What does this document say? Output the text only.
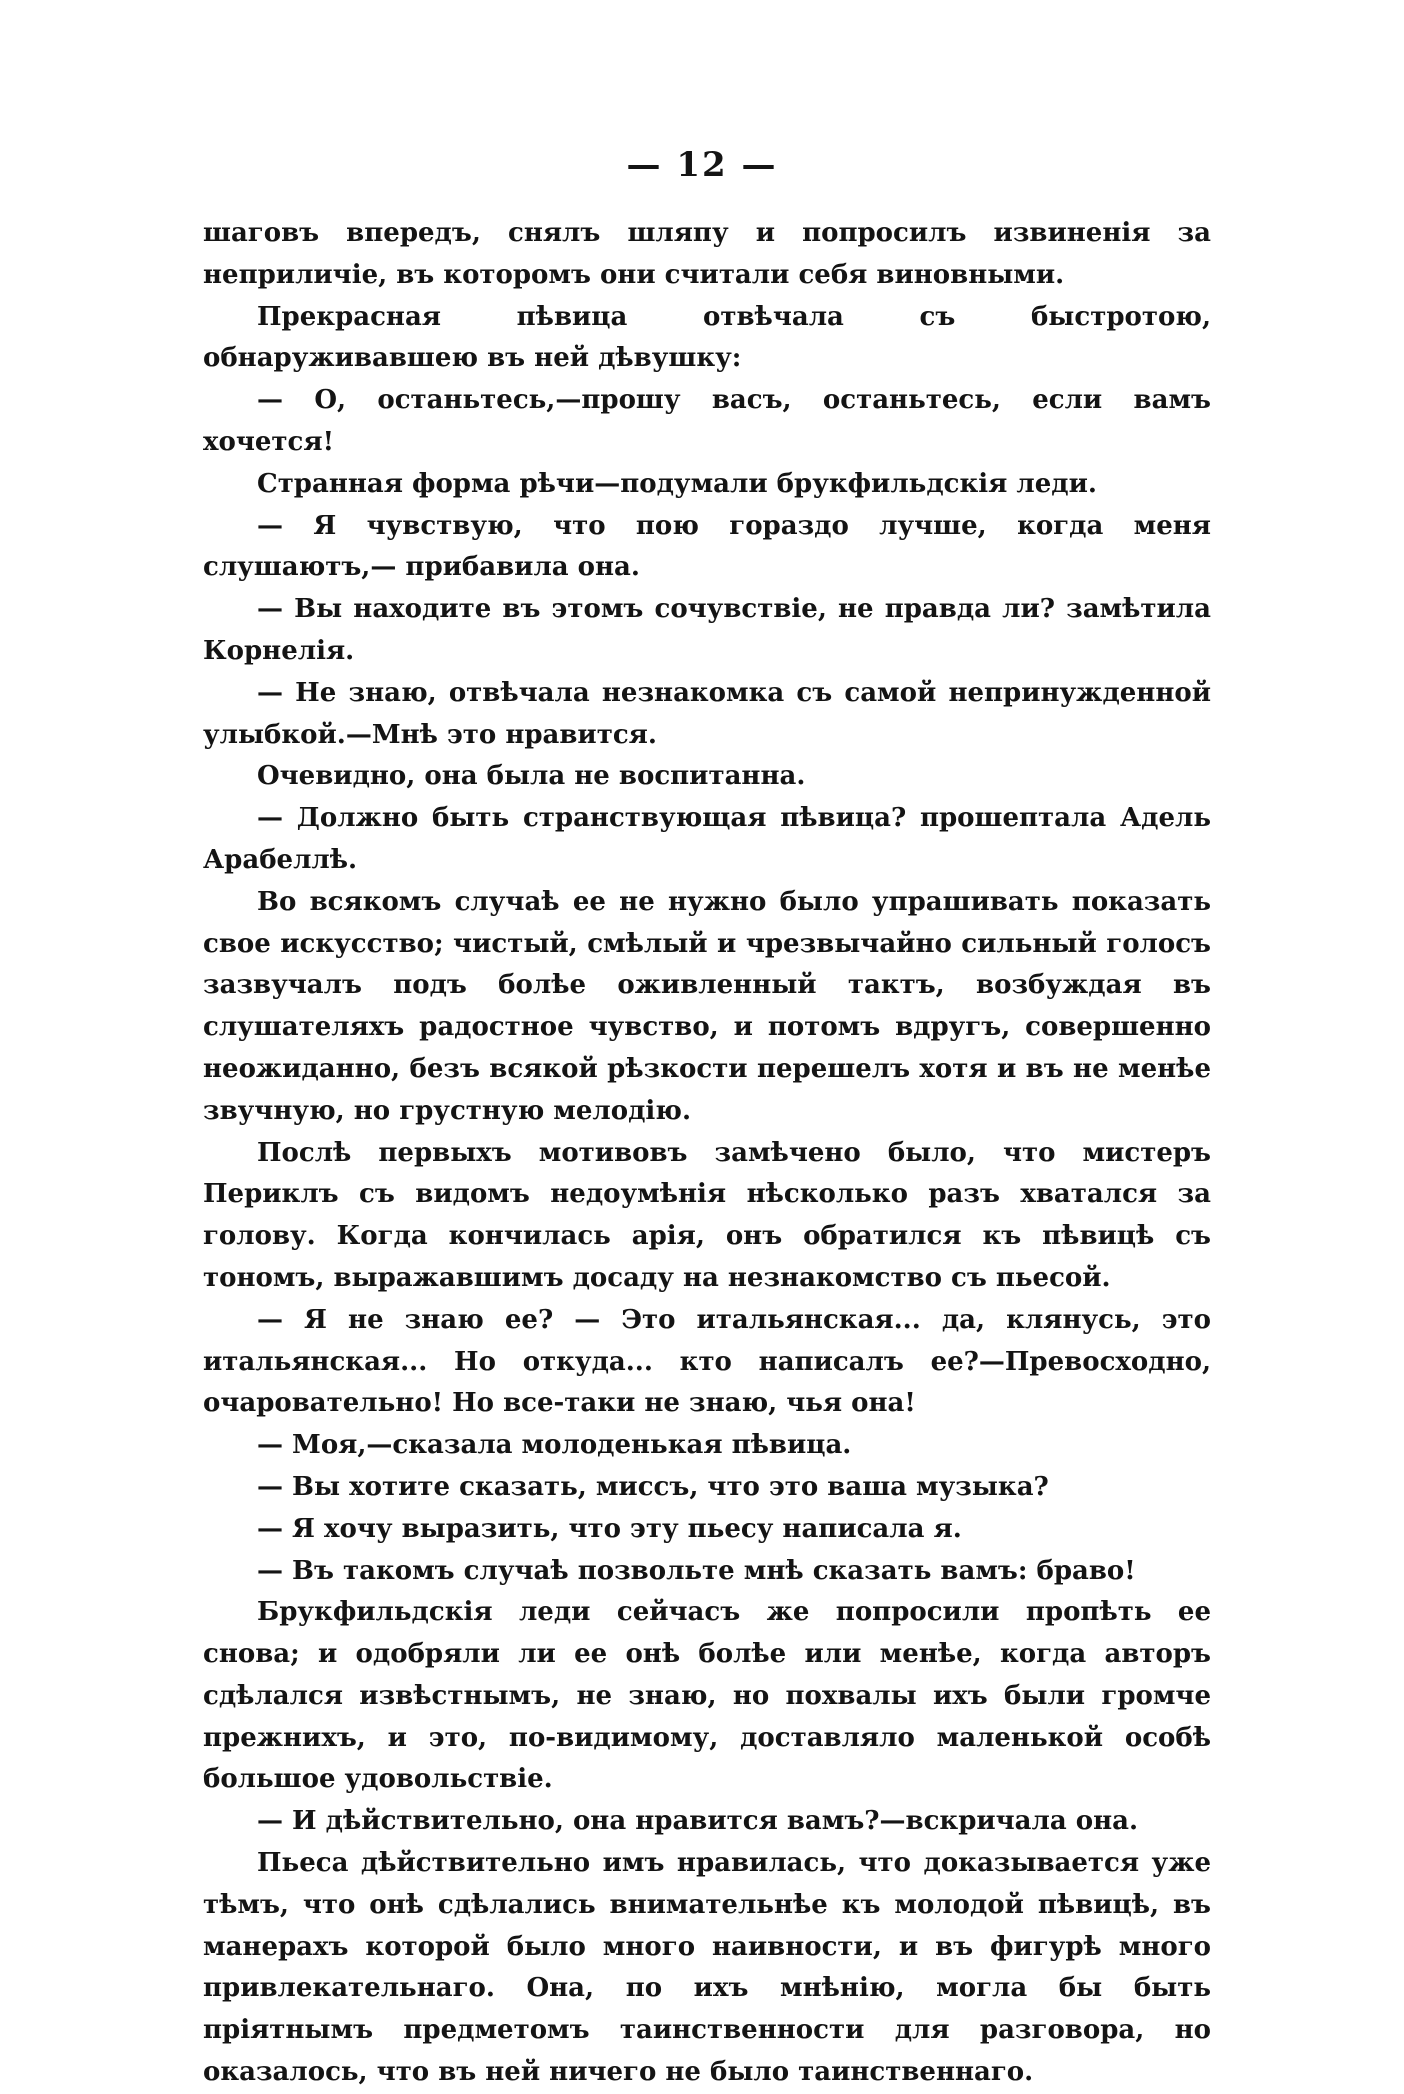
— 12 —

шаговъ впередъ, снялъ шляпу и попросилъ извиненія за неприличіе, въ которомъ они считали себя виновными.

Прекрасная пѣвица отвѣчала съ быстротою, обнаруживавшею въ ней дѣвушку:

— О, останьтесь,—прошу васъ, останьтесь, если вамъ хочется!

Странная форма рѣчи—подумали брукфильдскія леди.

— Я чувствую, что пою гораздо лучше, когда меня слушаютъ,— прибавила она.

— Вы находите въ этомъ сочувствіе, не правда ли? замѣтила Корнелія.

— Не знаю, отвѣчала незнакомка съ самой непринужденной улыбкой.—Мнѣ это нравится.

Очевидно, она была не воспитанна.

— Должно быть странствующая пѣвица? прошептала Адель Арабеллѣ.

Во всякомъ случаѣ ее не нужно было упрашивать показать свое искусство; чистый, смѣлый и чрезвычайно сильный голосъ зазвучалъ подъ болѣе оживленный тактъ, возбуждая въ слушателяхъ радостное чувство, и потомъ вдругъ, совершенно неожиданно, безъ всякой рѣзкости перешелъ хотя и въ не менѣе звучную, но грустную мелодію.

Послѣ первыхъ мотивовъ замѣчено было, что мистеръ Периклъ съ видомъ недоумѣнія нѣсколько разъ хватался за голову. Когда кончилась арія, онъ обратился къ пѣвицѣ съ тономъ, выражавшимъ досаду на незнакомство съ пьесой.

— Я не знаю ее? — Это итальянская... да, клянусь, это итальянская... Но откуда... кто написалъ ее?—Превосходно, очаровательно! Но все-таки не знаю, чья она!

— Моя,—сказала молоденькая пѣвица.

— Вы хотите сказать, миссъ, что это ваша музыка?

— Я хочу выразить, что эту пьесу написала я.

— Въ такомъ случаѣ позвольте мнѣ сказать вамъ: браво!

Брукфильдскія леди сейчасъ же попросили пропѣть ее снова; и одобряли ли ее онѣ болѣе или менѣе, когда авторъ сдѣлался извѣстнымъ, не знаю, но похвалы ихъ были громче прежнихъ, и это, по-видимому, доставляло маленькой особѣ большое удовольствіе.

— И дѣйствительно, она нравится вамъ?—вскричала она.

Пьеса дѣйствительно имъ нравилась, что доказывается уже тѣмъ, что онѣ сдѣлались внимательнѣе къ молодой пѣвицѣ, въ манерахъ которой было много наивности, и въ фигурѣ много привлекательнаго. Она, по ихъ мнѣнію, могла бы быть пріятнымъ предметомъ таинственности для разговора, но оказалось, что въ ней ничего не было таинственнаго.
